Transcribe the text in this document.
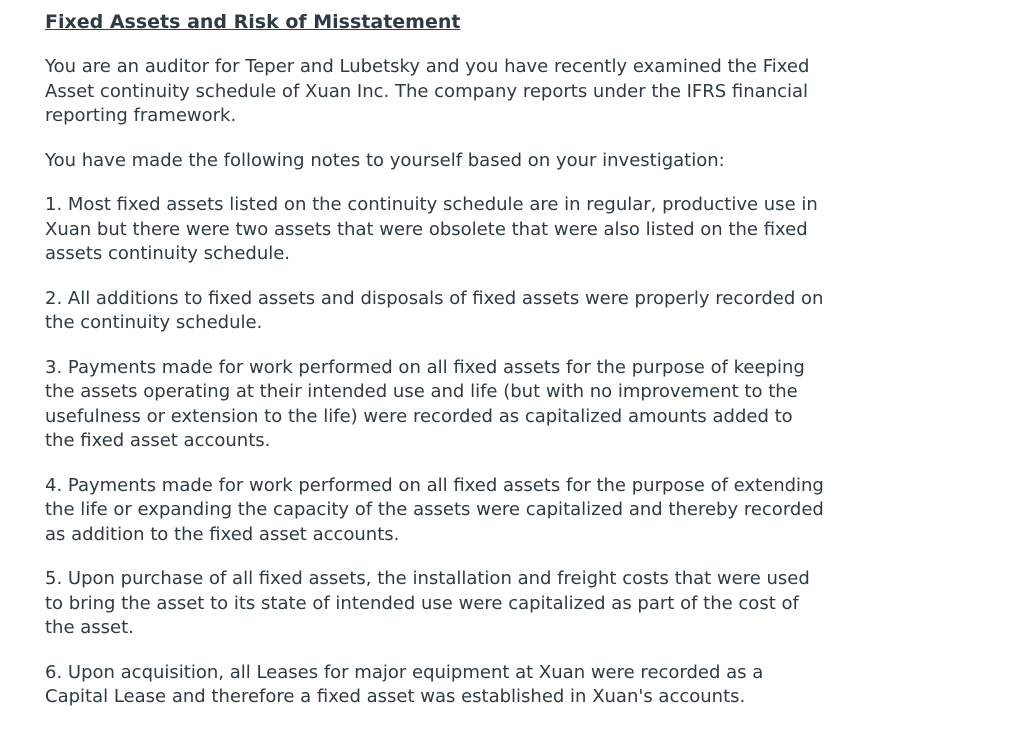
Fixed Assets and Risk of Misstatement

You are an auditor for Teper and Lubetsky and you have recently examined the Fixed Asset continuity schedule of Xuan Inc. The company reports under the IFRS financial reporting framework.

You have made the following notes to yourself based on your investigation:

1. Most fixed assets listed on the continuity schedule are in regular, productive use in Xuan but there were two assets that were obsolete that were also listed on the fixed assets continuity schedule.

2. All additions to fixed assets and disposals of fixed assets were properly recorded on the continuity schedule.

3. Payments made for work performed on all fixed assets for the purpose of keeping the assets operating at their intended use and life (but with no improvement to the usefulness or extension to the life) were recorded as capitalized amounts added to the fixed asset accounts.

4. Payments made for work performed on all fixed assets for the purpose of extending the life or expanding the capacity of the assets were capitalized and thereby recorded as addition to the fixed asset accounts.

5. Upon purchase of all fixed assets, the installation and freight costs that were used to bring the asset to its state of intended use were capitalized as part of the cost of the asset.

6. Upon acquisition, all Leases for major equipment at Xuan were recorded as a Capital Lease and therefore a fixed asset was established in Xuan's accounts.
